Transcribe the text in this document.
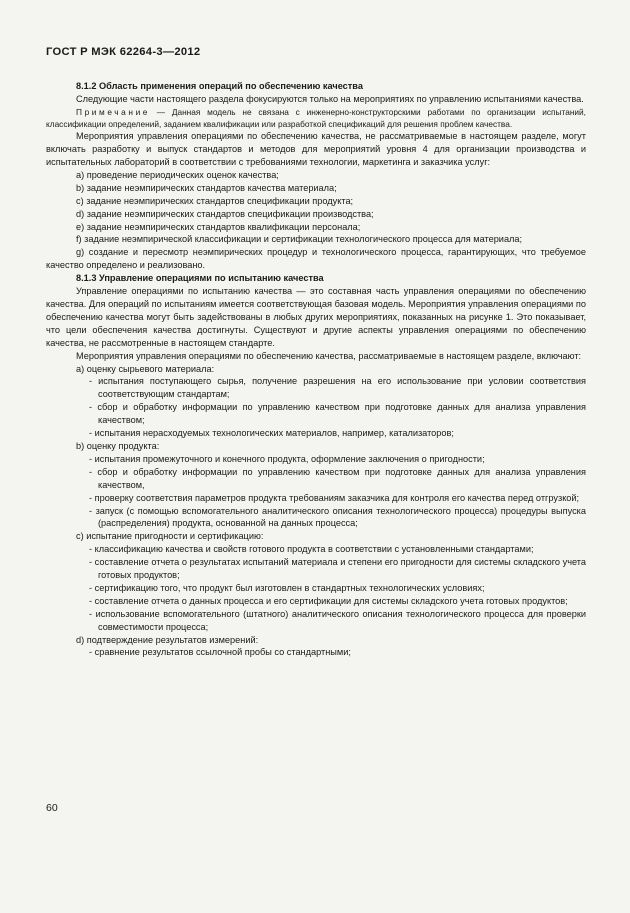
ГОСТ Р МЭК 62264-3—2012

8.1.2 Область применения операций по обеспечению качества

Следующие части настоящего раздела фокусируются только на мероприятиях по управлению испытаниями качества.

Примечание — Данная модель не связана с инженерно-конструкторскими работами по организации испытаний, классификации определений, заданием квалификации или разработкой спецификаций для решения проблем качества.

Мероприятия управления операциями по обеспечению качества, не рассматриваемые в настоящем разделе, могут включать разработку и выпуск стандартов и методов для мероприятий уровня 4 для организации производства и испытательных лабораторий в соответствии с требованиями технологии, маркетинга и заказчика услуг:

a) проведение периодических оценок качества;

b) задание неэмпирических стандартов качества материала;

c) задание неэмпирических стандартов спецификации продукта;

d) задание неэмпирических стандартов спецификации производства;

e) задание неэмпирических стандартов квалификации персонала;

f) задание неэмпирической классификации и сертификации технологического процесса для материала;

g) создание и пересмотр неэмпирических процедур и технологического процесса, гарантирующих, что требуемое качество определено и реализовано.

8.1.3 Управление операциями по испытанию качества

Управление операциями по испытанию качества — это составная часть управления операциями по обеспечению качества. Для операций по испытаниям имеется соответствующая базовая модель. Мероприятия управления операциями по обеспечению качества могут быть задействованы в любых других мероприятиях, показанных на рисунке 1. Это показывает, что цели обеспечения качества достигнуты. Существуют и другие аспекты управления операциями по обеспечению качества, не рассмотренные в настоящем стандарте.

Мероприятия управления операциями по обеспечению качества, рассматриваемые в настоящем разделе, включают:

a) оценку сырьевого материала:

- испытания поступающего сырья, получение разрешения на его использование при условии соответствия соответствующим стандартам;

- сбор и обработку информации по управлению качеством при подготовке данных для анализа управления качеством;

- испытания нерасходуемых технологических материалов, например, катализаторов;

b) оценку продукта:

- испытания промежуточного и конечного продукта, оформление заключения о пригодности;

- сбор и обработку информации по управлению качеством при подготовке данных для анализа управления качеством,

- проверку соответствия параметров продукта требованиям заказчика для контроля его качества перед отгрузкой;

- запуск (с помощью вспомогательного аналитического описания технологического процесса) процедуры выпуска (распределения) продукта, основанной на данных процесса;

c) испытание пригодности и сертификацию:

- классификацию качества и свойств готового продукта в соответствии с установленными стандартами;

- составление отчета о результатах испытаний материала и степени его пригодности для системы складского учета готовых продуктов;

- сертификацию того, что продукт был изготовлен в стандартных технологических условиях;

- составление отчета о данных процесса и его сертификации для системы складского учета готовых продуктов;

- использование вспомогательного (штатного) аналитического описания технологического процесса для проверки совместимости процесса;

d) подтверждение результатов измерений:

- сравнение результатов ссылочной пробы со стандартными;

60
